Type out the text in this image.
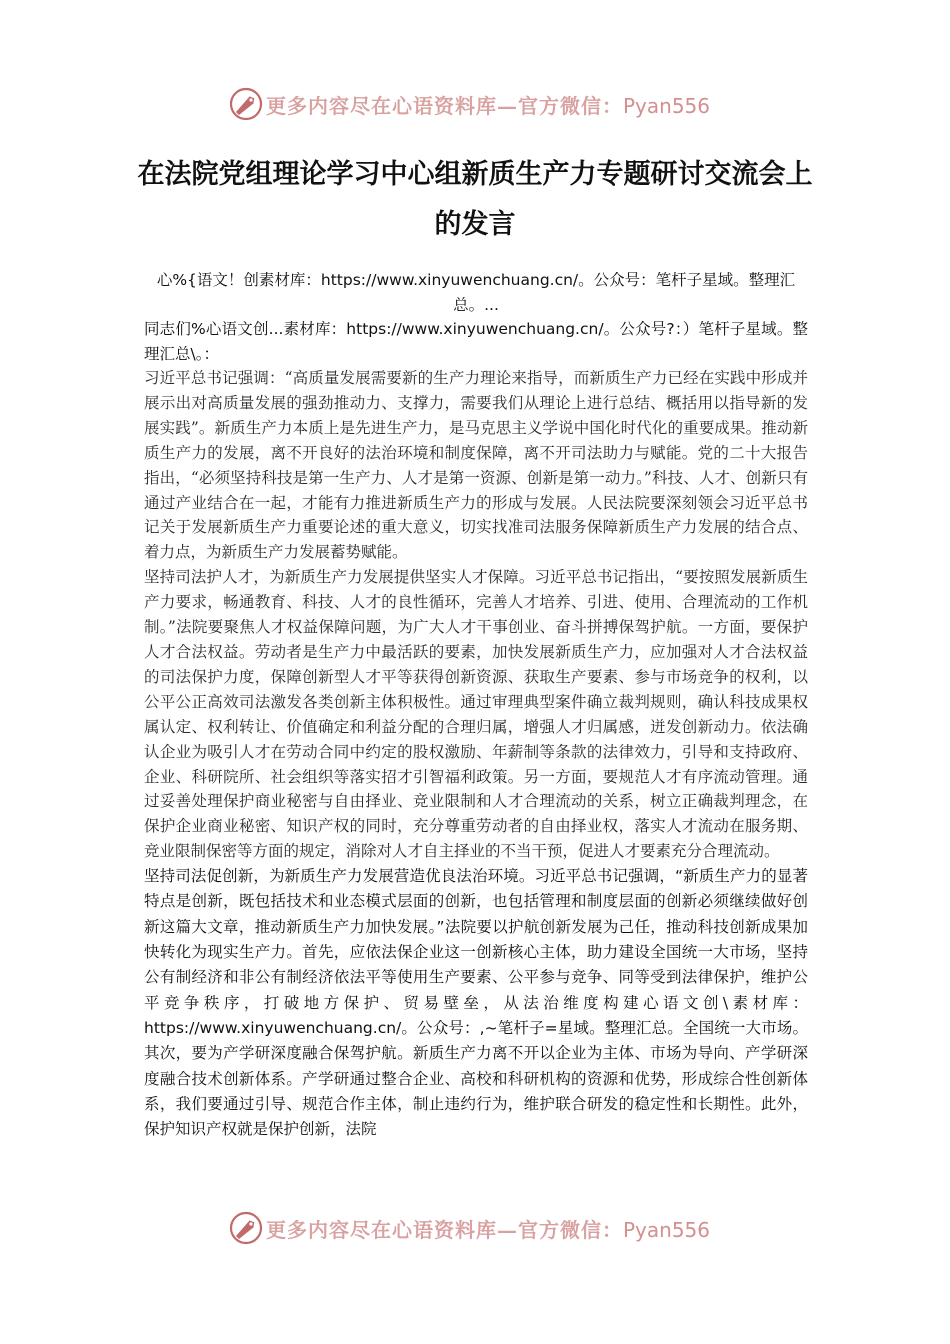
更多内容尽在心语资料库—官方微信：Pyan556
在法院党组理论学习中心组新质生产力专题研讨交流会上的发言

心%{语文！创素材库：https://www.xinyuwenchuang.cn/。公众号：笔杆子星域。整理汇总。...

同志们%心语文创...素材库：https://www.xinyuwenchuang.cn/。公众号?：）笔杆子星域。整理汇总\。：

习近平总书记强调：“高质量发展需要新的生产力理论来指导，而新质生产力已经在实践中形成并展示出对高质量发展的强劲推动力、支撑力，需要我们从理论上进行总结、概括用以指导新的发展实践”。新质生产力本质上是先进生产力，是马克思主义学说中国化时代化的重要成果。推动新质生产力的发展，离不开良好的法治环境和制度保障，离不开司法助力与赋能。党的二十大报告指出，“必须坚持科技是第一生产力、人才是第一资源、创新是第一动力。”科技、人才、创新只有通过产业结合在一起，才能有力推进新质生产力的形成与发展。人民法院要深刻领会习近平总书记关于发展新质生产力重要论述的重大意义，切实找准司法服务保障新质生产力发展的结合点、着力点，为新质生产力发展蓄势赋能。

坚持司法护人才，为新质生产力发展提供坚实人才保障。习近平总书记指出，“要按照发展新质生产力要求，畅通教育、科技、人才的良性循环，完善人才培养、引进、使用、合理流动的工作机制。”法院要聚焦人才权益保障问题，为广大人才干事创业、奋斗拼搏保驾护航。一方面，要保护人才合法权益。劳动者是生产力中最活跃的要素，加快发展新质生产力，应加强对人才合法权益的司法保护力度，保障创新型人才平等获得创新资源、获取生产要素、参与市场竞争的权利，以公平公正高效司法激发各类创新主体积极性。通过审理典型案件确立裁判规则，确认科技成果权属认定、权利转让、价值确定和利益分配的合理归属，增强人才归属感，迸发创新动力。依法确认企业为吸引人才在劳动合同中约定的股权激励、年薪制等条款的法律效力，引导和支持政府、企业、科研院所、社会组织等落实招才引智福利政策。另一方面，要规范人才有序流动管理。通过妥善处理保护商业秘密与自由择业、竞业限制和人才合理流动的关系，树立正确裁判理念，在保护企业商业秘密、知识产权的同时，充分尊重劳动者的自由择业权，落实人才流动在服务期、竞业限制保密等方面的规定，消除对人才自主择业的不当干预，促进人才要素充分合理流动。

坚持司法促创新，为新质生产力发展营造优良法治环境。习近平总书记强调，“新质生产力的显著特点是创新，既包括技术和业态模式层面的创新，也包括管理和制度层面的创新必须继续做好创新这篇大文章，推动新质生产力加快发展。”法院要以护航创新发展为己任，推动科技创新成果加快转化为现实生产力。首先，应依法保企业这一创新核心主体，助力建设全国统一大市场，坚持公有制经济和非公有制经济依法平等使用生产要素、公平参与竞争、同等受到法律保护，维护公平竞争秩序，打破地方保护、贸易壁垒，从法治维度构建心语文创\素材库：https://www.xinyuwenchuang.cn/。公众号：,~笔杆子=星域。整理汇总。全国统一大市场。其次，要为产学研深度融合保驾护航。新质生产力离不开以企业为主体、市场为导向、产学研深度融合技术创新体系。产学研通过整合企业、高校和科研机构的资源和优势，形成综合性创新体系，我们要通过引导、规范合作主体，制止违约行为，维护联合研发的稳定性和长期性。此外，保护知识产权就是保护创新，法院

更多内容尽在心语资料库—官方微信：Pyan556
